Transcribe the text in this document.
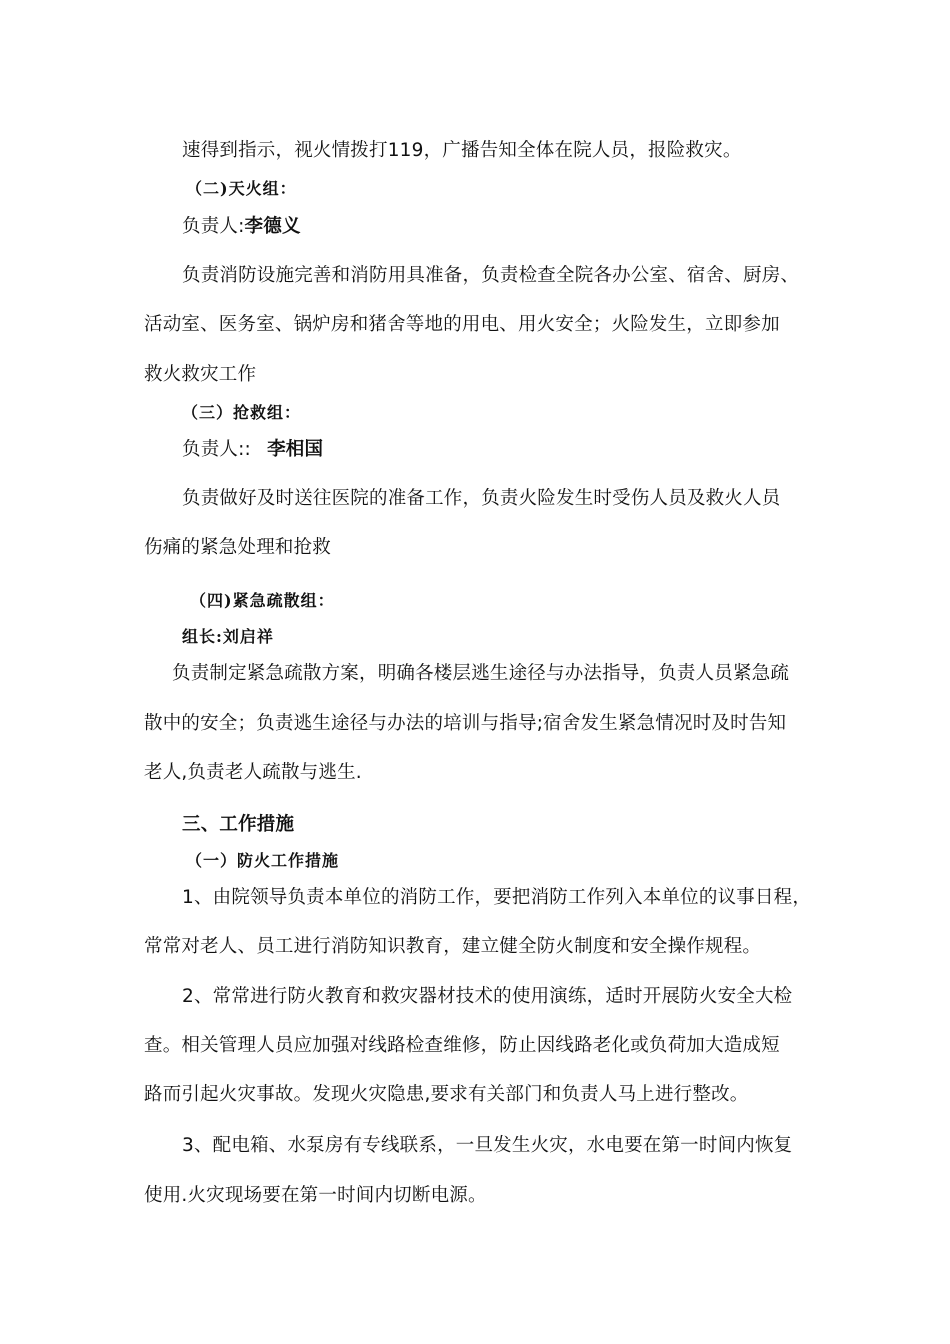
速得到指示，视火情拨打119，广播告知全体在院人员，报险救灾。
（二)天火组：
负责人:李德义
负责消防设施完善和消防用具准备，负责检查全院各办公室、宿舍、厨房、
活动室、医务室、锅炉房和猪舍等地的用电、用火安全；火险发生，立即参加
救火救灾工作
（三）抢救组：
负责人:: 李相国
负责做好及时送往医院的准备工作，负责火险发生时受伤人员及救火人员
伤痛的紧急处理和抢救
（四)紧急疏散组：
组长:刘启祥
负责制定紧急疏散方案，明确各楼层逃生途径与办法指导，负责人员紧急疏
散中的安全；负责逃生途径与办法的培训与指导;宿舍发生紧急情况时及时告知
老人,负责老人疏散与逃生.
三、工作措施
（一）防火工作措施
1、由院领导负责本单位的消防工作，要把消防工作列入本单位的议事日程，
常常对老人、员工进行消防知识教育，建立健全防火制度和安全操作规程。
2、常常进行防火教育和救灾器材技术的使用演练，适时开展防火安全大检
查。相关管理人员应加强对线路检查维修，防止因线路老化或负荷加大造成短
路而引起火灾事故。发现火灾隐患,要求有关部门和负责人马上进行整改。
3、配电箱、水泵房有专线联系，一旦发生火灾，水电要在第一时间内恢复
使用.火灾现场要在第一时间内切断电源。
